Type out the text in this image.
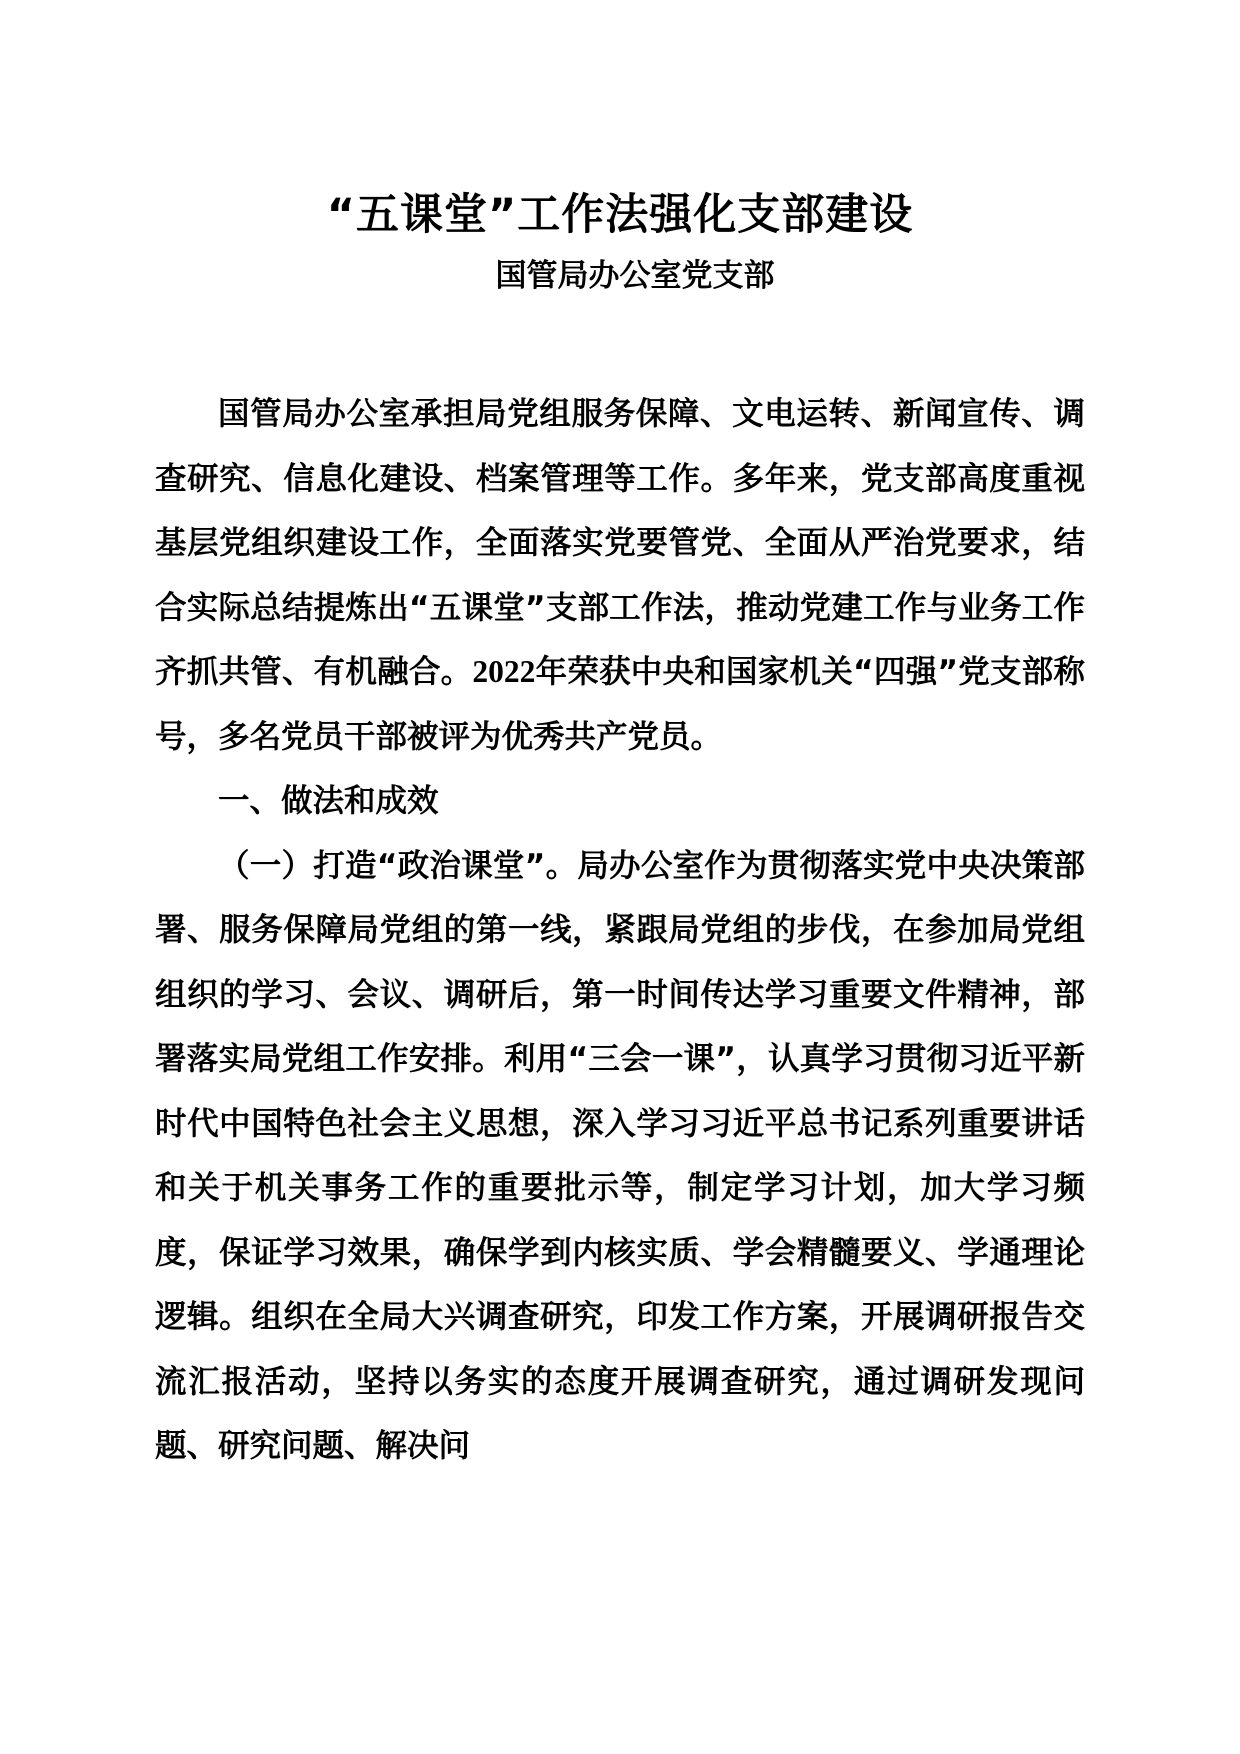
“五课堂”工作法强化支部建设
国管局办公室党支部

国管局办公室承担局党组服务保障、文电运转、新闻宣传、调查研究、信息化建设、档案管理等工作。多年来，党支部高度重视基层党组织建设工作，全面落实党要管党、全面从严治党要求，结合实际总结提炼出“五课堂”支部工作法，推动党建工作与业务工作齐抓共管、有机融合。2022年荣获中央和国家机关“四强”党支部称号，多名党员干部被评为优秀共产党员。

一、做法和成效

（一）打造“政治课堂”。局办公室作为贯彻落实党中央决策部署、服务保障局党组的第一线，紧跟局党组的步伐，在参加局党组组织的学习、会议、调研后，第一时间传达学习重要文件精神，部署落实局党组工作安排。利用“三会一课”，认真学习贯彻习近平新时代中国特色社会主义思想，深入学习习近平总书记系列重要讲话和关于机关事务工作的重要批示等，制定学习计划，加大学习频度，保证学习效果，确保学到内核实质、学会精髓要义、学通理论逻辑。组织在全局大兴调查研究，印发工作方案，开展调研报告交流汇报活动，坚持以务实的态度开展调查研究，通过调研发现问题、研究问题、解决问
